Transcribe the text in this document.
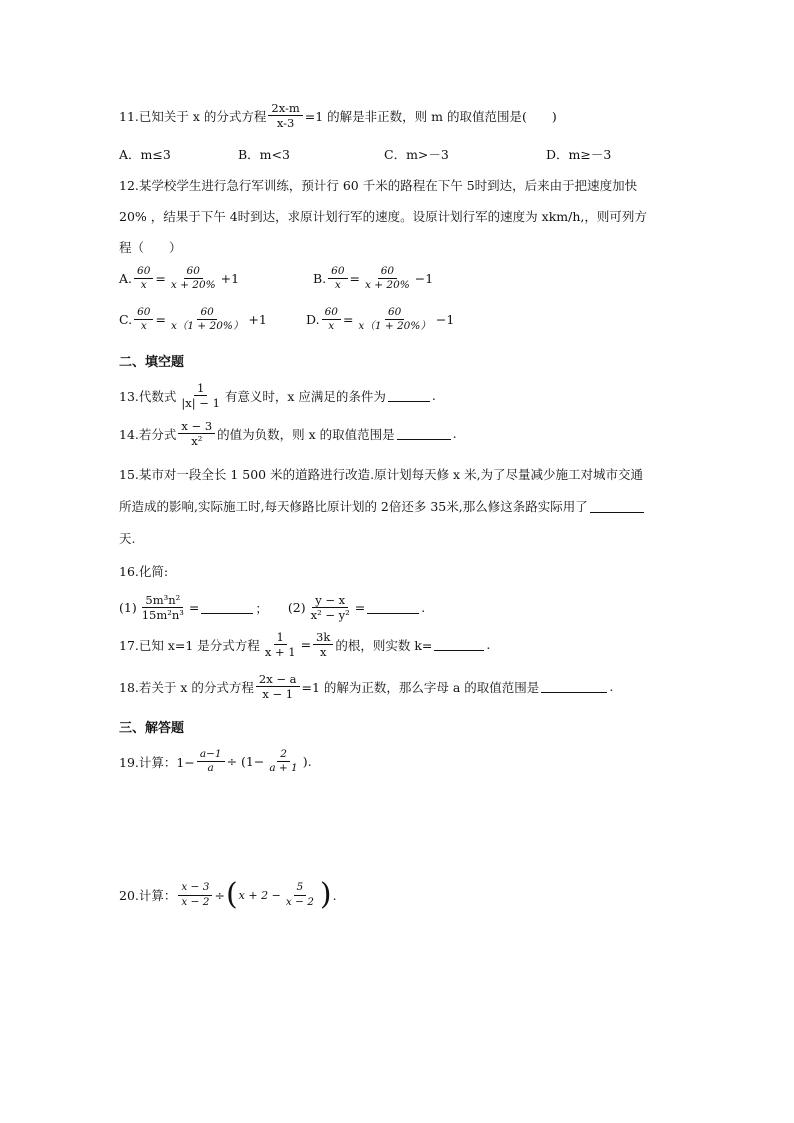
11.已知关于 x 的分式方程 $\frac{2x-m}{x-3} =1$ 的解是非正数，则 m 的取值范围是(　　)
A．m≤3	B．m<3	C．m>－3	D．m≥－3
12.某学校学生进行急行军训练，预计行 60 千米的路程在下午 5时到达，后来由于把速度加快
20% ，结果于下午 4时到达，求原计划行军的速度。设原计划行军的速度为 xkm/h,，则可列方
程（　　）
A. $\frac{60}{x} = \frac{60}{x + 20\%} +1$	B. $\frac{60}{x} = \frac{60}{x + 20\%} -1$
C. $\frac{60}{x} = \frac{60}{x(1 + 20\%)} +1$	D. $\frac{60}{x} = \frac{60}{x(1 + 20\%)} -1$
二、填空题
13.代数式 $\frac{1}{|x| - 1}$ 有意义时，x 应满足的条件为	.
14.若分式 $\frac{x - 3}{\text{x²}}$ 的值为负数，则 x 的取值范围是	.
15.某市对一段全长 1 500 米的道路进行改造.原计划每天修 x 米,为了尽量减少施工对城市交通
所造成的影响,实际施工时,每天修路比原计划的 2倍还多 35米,那么修这条路实际用了
天.
16.化简:
$(1) \frac{\text{5m³n²}}{\text{15m²n³}}$ =	； $(2) \frac{y - x}{\text{x² − y²}}$ =	.
17.已知 x=1 是分式方程 $\frac{1}{x + 1} = \frac{3k}{x}$ 的根，则实数 k=	.
18.若关于 x 的分式方程 $\frac{2x - a}{x - 1} =1$ 的解为正数，那么字母 a 的取值范围是	.
三、解答题
19.计算：$1- \frac{a-1}{a} \div (1- \frac{2}{a + 1}$ ).
20.计算： $\frac{x - 3}{x - 2}$ ÷ ( $x + 2 - \frac{5}{x - 2}$ ) .
